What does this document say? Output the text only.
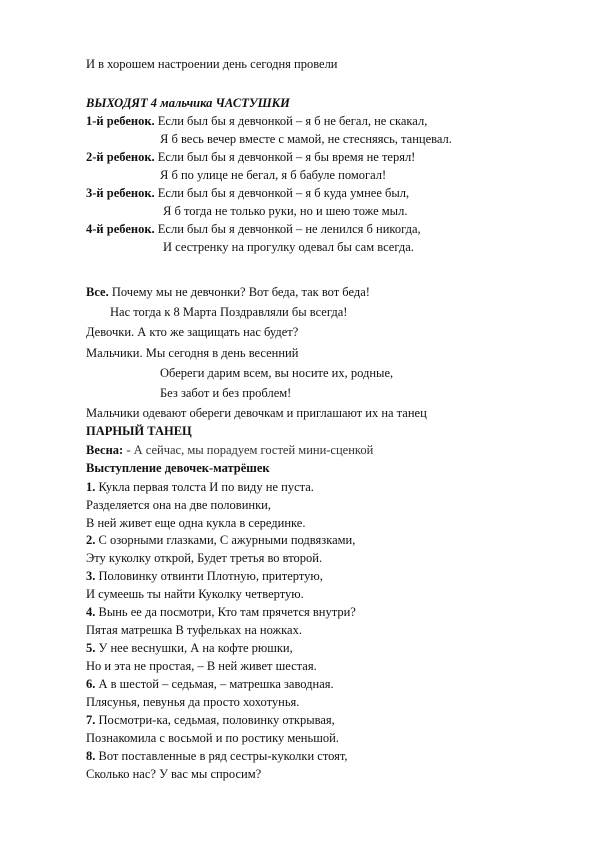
И в хорошем настроении день сегодня провели
ВЫХОДЯТ 4 мальчика ЧАСТУШКИ
1-й ребенок. Если был бы я девчонкой – я б не бегал, не скакал,
Я б весь вечер вместе с мамой, не стесняясь, танцевал.
2-й ребенок. Если был бы я девчонкой – я бы время не терял!
Я б по улице не бегал, я б бабуле помогал!
3-й ребенок. Если был бы я девчонкой – я б куда умнее был,
Я б тогда не только руки, но и шею тоже мыл.
4-й ребенок. Если был бы я девчонкой – не ленился б никогда,
И сестренку на прогулку одевал бы сам всегда.
Все. Почему мы не девчонки? Вот беда, так вот беда!
Нас тогда к 8 Марта Поздравляли бы всегда!
Девочки. А кто же защищать нас будет?
Мальчики. Мы сегодня в день весенний
Обереги дарим всем, вы носите их, родные,
Без забот и без проблем!
Мальчики одевают обереги девочкам и приглашают их на танец
ПАРНЫЙ ТАНЕЦ
Весна: - А сейчас, мы порадуем гостей мини-сценкой
Выступление девочек-матрёшек
1. Кукла первая толста И по виду не пуста.
Разделяется она на две половинки,
В ней живет еще одна кукла в серединке.
2. С озорными глазками, С ажурными подвязками,
Эту куколку открой, Будет третья во второй.
3. Половинку отвинти Плотную, притертую,
И сумеешь ты найти Куколку четвертую.
4. Вынь ее да посмотри, Кто там прячется внутри?
Пятая матрешка В туфельках на ножках.
5. У нее веснушки, А на кофте рюшки,
Но и эта не простая, – В ней живет шестая.
6. А в шестой – седьмая, – матрешка заводная.
Плясунья, певунья да просто хохотунья.
7. Посмотри-ка, седьмая, половинку открывая,
Познакомила с восьмой и по ростику меньшой.
8. Вот поставленные в ряд сестры-куколки стоят,
Сколько нас? У вас мы спросим?
